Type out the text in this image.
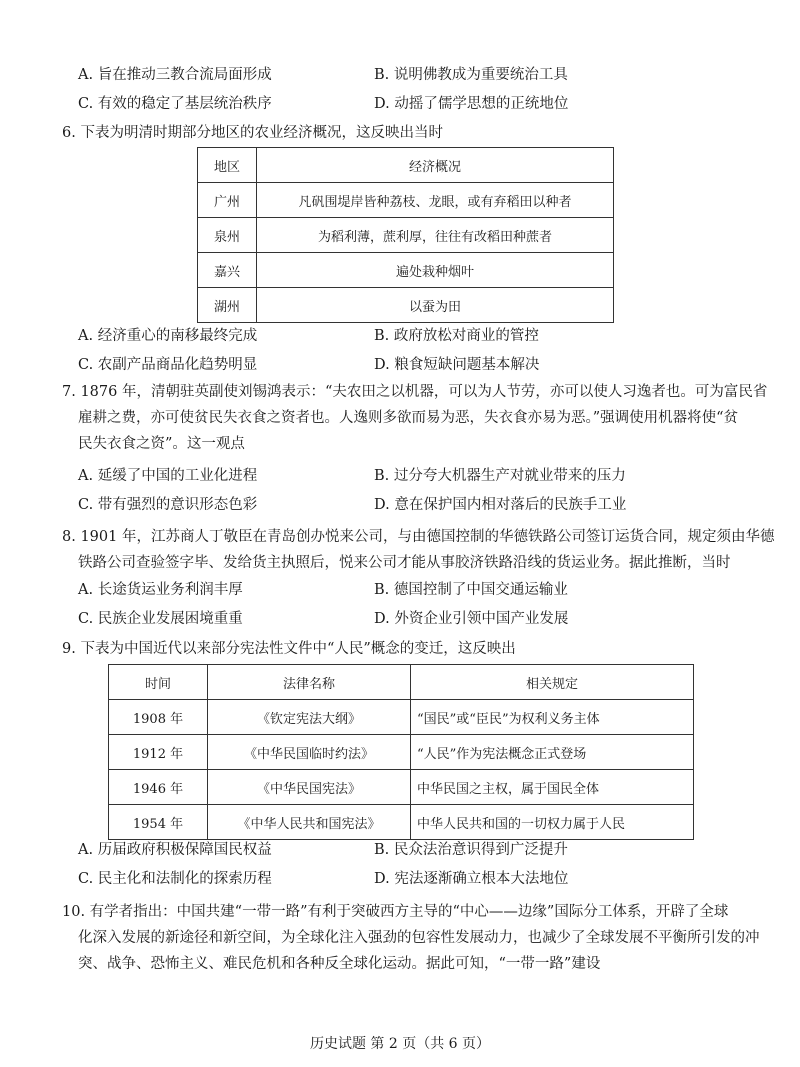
A. 旨在推动三教合流局面形成	B. 说明佛教成为重要统治工具
C. 有效的稳定了基层统治秩序	D. 动摇了儒学思想的正统地位
6. 下表为明清时期部分地区的农业经济概况，这反映出当时
地区	经济概况
广州	凡矾围堤岸皆种荔枝、龙眼，或有弃稻田以种者
泉州	为稻利薄，蔗利厚，往往有改稻田种蔗者
嘉兴	遍处栽种烟叶
湖州	以蚕为田
A. 经济重心的南移最终完成	B. 政府放松对商业的管控
C. 农副产品商品化趋势明显	D. 粮食短缺问题基本解决
7. 1876 年，清朝驻英副使刘锡鸿表示：“夫农田之以机器，可以为人节劳，亦可以使人习逸者也。可为富民省
雇耕之费，亦可使贫民失衣食之资者也。人逸则多欲而易为恶，失衣食亦易为恶。”强调使用机器将使“贫
民失衣食之资”。这一观点
A. 延缓了中国的工业化进程	B. 过分夸大机器生产对就业带来的压力
C. 带有强烈的意识形态色彩	D. 意在保护国内相对落后的民族手工业
8. 1901 年，江苏商人丁敬臣在青岛创办悦来公司，与由德国控制的华德铁路公司签订运货合同，规定须由华德
铁路公司查验签字毕、发给货主执照后，悦来公司才能从事胶济铁路沿线的货运业务。据此推断，当时
A. 长途货运业务利润丰厚	B. 德国控制了中国交通运输业
C. 民族企业发展困境重重	D. 外资企业引领中国产业发展
9. 下表为中国近代以来部分宪法性文件中“人民”概念的变迁，这反映出
时间	法律名称	相关规定
1908 年	《钦定宪法大纲》	“国民”或“臣民”为权利义务主体
1912 年	《中华民国临时约法》	“人民”作为宪法概念正式登场
1946 年	《中华民国宪法》	中华民国之主权，属于国民全体
1954 年	《中华人民共和国宪法》	中华人民共和国的一切权力属于人民
A. 历届政府积极保障国民权益	B. 民众法治意识得到广泛提升
C. 民主化和法制化的探索历程	D. 宪法逐渐确立根本大法地位
10. 有学者指出：中国共建“一带一路”有利于突破西方主导的“中心——边缘”国际分工体系，开辟了全球
化深入发展的新途径和新空间，为全球化注入强劲的包容性发展动力，也减少了全球发展不平衡所引发的冲
突、战争、恐怖主义、难民危机和各种反全球化运动。据此可知，“一带一路”建设
历史试题 第 2 页（共 6 页）
